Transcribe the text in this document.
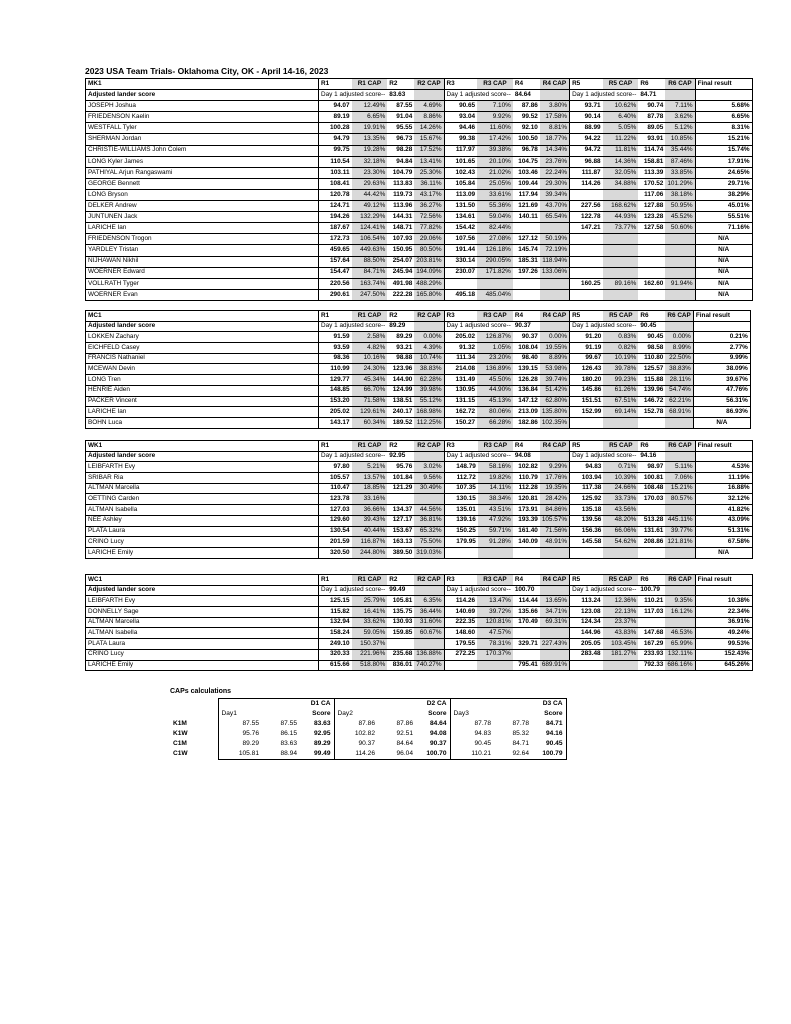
2023 USA Team Trials- Oklahoma City, OK - April 14-16, 2023
MK1	R1	R1 CAP	R2	R2 CAP	R3	R3 CAP	R4	R4 CAP	R5	R5 CAP	R6	R6 CAP	Final result
Adjusted lander score	Day 1 adjusted score--		83.63		Day 1 adjusted score--		84.64		Day 1 adjusted score--		84.71		
JOSEPH Joshua	94.07	12.49%	87.55	4.69%	90.65	7.10%	87.86	3.80%	93.71	10.62%	90.74	7.11%	5.68%
FRIEDENSON Kaelin	89.19	6.65%	91.04	8.86%	93.04	9.92%	99.52	17.58%	90.14	6.40%	87.78	3.62%	6.65%
WESTFALL Tyler	100.28	19.91%	95.55	14.26%	94.46	11.60%	92.10	8.81%	88.99	5.05%	89.05	5.12%	8.31%
SHERMAN Jordan	94.79	13.35%	96.73	15.67%	99.38	17.42%	100.50	18.77%	94.22	11.22%	93.91	10.85%	15.21%
CHRISTIE-WILLIAMS John Colem	99.75	19.28%	98.28	17.52%	117.97	39.38%	96.78	14.34%	94.72	11.81%	114.74	35.44%	15.74%
LONG Kyler James	110.54	32.18%	94.84	13.41%	101.65	20.10%	104.75	23.76%	96.88	14.36%	158.81	87.46%	17.91%
PATHIYAL Arjun Rangaswami	103.11	23.30%	104.79	25.30%	102.43	21.02%	103.46	22.24%	111.87	32.05%	113.39	33.85%	24.65%
GEORGE Bennett	108.41	29.63%	113.83	36.11%	105.84	25.05%	109.44	29.30%	114.26	34.88%	170.52	101.29%	29.71%
LONG Bryson	120.78	44.42%	119.73	43.17%	113.09	33.61%	117.94	39.34%			117.06	38.18%	38.29%
DELKER Andrew	124.71	49.12%	113.96	36.27%	131.50	55.36%	121.69	43.70%	227.56	168.62%	127.88	50.95%	45.01%
JUNTUNEN Jack	194.26	132.29%	144.31	72.56%	134.61	59.04%	140.11	65.54%	122.78	44.93%	123.28	45.52%	55.51%
LARICHE Ian	187.67	124.41%	148.71	77.82%	154.42	82.44%			147.21	73.77%	127.58	50.60%	71.16%
FRIEDENSON Trogon	172.73	106.54%	107.93	29.06%	107.56	27.08%	127.12	50.19%					N/A
YARDLEY Tristan	459.65	449.63%	150.95	80.50%	191.44	126.18%	145.74	72.19%					N/A
NIJHAWAN Nikhil	157.64	88.50%	254.07	203.81%	330.14	290.05%	185.31	118.94%					N/A
WOERNER Edward	154.47	84.71%	245.94	194.09%	230.07	171.82%	197.26	133.06%					N/A
VOLLRATH Tyger	220.56	163.74%	491.98	488.29%					160.25	89.16%	162.60	91.94%	N/A
WOERNER Evan	290.61	247.50%	222.28	165.80%	495.18	485.04%							N/A
MC1	R1	R1 CAP	R2	R2 CAP	R3	R3 CAP	R4	R4 CAP	R5	R5 CAP	R6	R6 CAP	Final result
Adjusted lander score	Day 1 adjusted score--		89.29		Day 1 adjusted score--		90.37		Day 1 adjusted score--		90.45		
LOKKEN Zachary	91.59	2.58%	89.29	0.00%	205.02	126.87%	90.37	0.00%	91.20	0.83%	90.45	0.00%	0.21%
EICHFELD Casey	93.59	4.82%	93.21	4.39%	91.32	1.05%	108.04	19.55%	91.19	0.82%	98.58	8.99%	2.77%
FRANCIS Nathaniel	98.36	10.16%	98.88	10.74%	111.34	23.20%	98.40	8.89%	99.67	10.19%	110.80	22.50%	9.99%
MCEWAN Devin	110.99	24.30%	123.96	38.83%	214.08	136.89%	139.15	53.98%	126.43	39.78%	125.57	38.83%	38.09%
LONG Tren	129.77	45.34%	144.90	62.28%	131.49	45.50%	126.28	39.74%	180.20	99.23%	115.88	28.11%	39.67%
HENRIE Aiden	148.85	66.70%	124.99	39.98%	130.95	44.90%	136.84	51.42%	145.86	61.26%	139.96	54.74%	47.76%
PACKER Vincent	153.20	71.58%	138.51	55.12%	131.15	45.13%	147.12	62.80%	151.51	67.51%	146.72	62.21%	56.31%
LARICHE Ian	205.02	129.61%	240.17	168.98%	162.72	80.06%	213.09	135.80%	152.99	69.14%	152.78	68.91%	86.93%
BOHN Luca	143.17	60.34%	189.52	112.25%	150.27	66.28%	182.86	102.35%					N/A
WK1	R1	R1 CAP	R2	R2 CAP	R3	R3 CAP	R4	R4 CAP	R5	R5 CAP	R6	R6 CAP	Final result
Adjusted lander score	Day 1 adjusted score--		92.95		Day 1 adjusted score--		94.08		Day 1 adjusted score--		94.16		
LEIBFARTH Evy	97.80	5.21%	95.76	3.02%	148.79	58.16%	102.82	9.29%	94.83	0.71%	98.97	5.11%	4.53%
SRIBAR Ria	105.57	13.57%	101.84	9.56%	112.72	19.82%	110.79	17.76%	103.94	10.39%	100.81	7.06%	11.19%
ALTMAN Marcella	110.47	18.85%	121.29	30.49%	107.35	14.11%	112.28	19.35%	117.38	24.66%	108.48	15.21%	16.88%
OETTING Carden	123.78	33.16%			130.15	38.34%	120.81	28.42%	125.92	33.73%	170.03	80.57%	32.12%
ALTMAN Isabella	127.03	36.66%	134.37	44.56%	135.01	43.51%	173.91	84.86%	135.18	43.56%			41.82%
NEE Ashley	129.60	39.43%	127.17	36.81%	139.16	47.92%	193.39	105.57%	139.56	48.20%	513.28	445.11%	43.09%
PLATA Laura	130.54	40.44%	153.67	65.32%	150.25	59.71%	161.40	71.56%	156.36	66.06%	131.61	39.77%	51.31%
CRINO Lucy	201.59	116.87%	163.13	75.50%	179.95	91.28%	140.09	48.91%	145.58	54.62%	208.86	121.81%	67.58%
LARICHE Emily	320.50	244.80%	389.50	319.03%									N/A
WC1	R1	R1 CAP	R2	R2 CAP	R3	R3 CAP	R4	R4 CAP	R5	R5 CAP	R6	R6 CAP	Final result
Adjusted lander score	Day 1 adjusted score--		99.49		Day 1 adjusted score--		100.70		Day 1 adjusted score--		100.79		
LEIBFARTH Evy	125.15	25.79%	105.81	6.35%	114.26	13.47%	114.44	13.65%	113.24	12.36%	110.21	9.35%	10.38%
DONNELLY Sage	115.82	16.41%	135.75	36.44%	140.69	39.72%	135.66	34.71%	123.08	22.13%	117.03	16.12%	22.34%
ALTMAN Marcella	132.94	33.62%	130.93	31.60%	222.35	120.81%	170.49	69.31%	124.34	23.37%			36.91%
ALTMAN Isabella	158.24	59.05%	159.85	60.67%	148.60	47.57%			144.96	43.83%	147.68	46.53%	49.24%
PLATA Laura	249.10	150.37%			179.55	78.31%	329.71	227.43%	205.05	103.45%	167.29	65.99%	99.53%
CRINO Lucy	320.33	221.96%	235.68	136.88%	272.25	170.37%			283.48	181.27%	233.93	132.11%	152.43%
LARICHE Emily	615.66	518.80%	836.01	740.27%			795.41	689.91%			792.33	686.16%	645.26%
CAPs calculations
			D1 CA			D2 CA			D3 CA
	Day1		Score	Day2		Score	Day3		Score
K1M	87.55	87.55	83.63	87.86	87.86	84.64	87.78	87.78	84.71
K1W	95.76	86.15	92.95	102.82	92.51	94.08	94.83	85.32	94.16
C1M	89.29	83.63	89.29	90.37	84.64	90.37	90.45	84.71	90.45
C1W	105.81	88.94	99.49	114.26	96.04	100.70	110.21	92.64	100.79
